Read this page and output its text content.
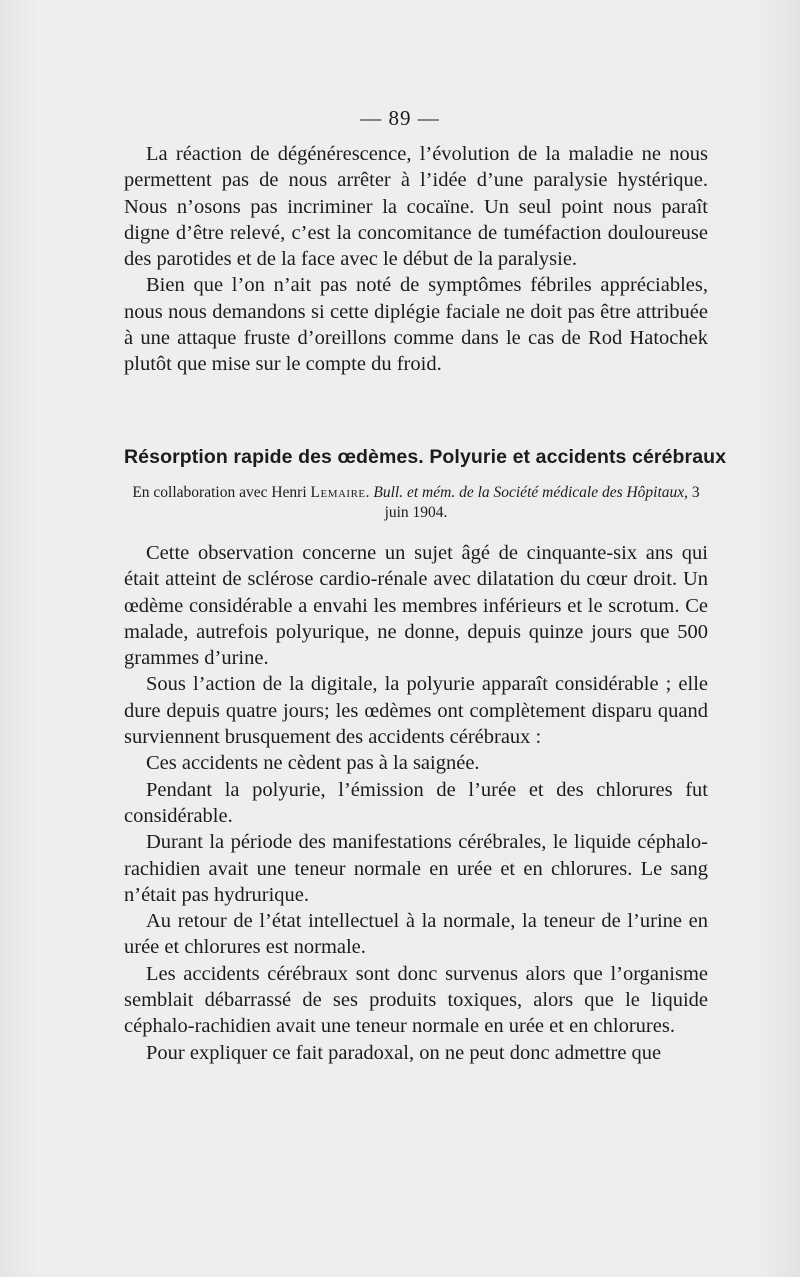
— 89 —

La réaction de dégénérescence, l’évolution de la maladie ne nous permettent pas de nous arrêter à l’idée d’une paralysie hystérique. Nous n’osons pas incriminer la cocaïne. Un seul point nous paraît digne d’être relevé, c’est la concomitance de tuméfaction douloureuse des parotides et de la face avec le début de la paralysie.

Bien que l’on n’ait pas noté de symptômes fébriles appréciables, nous nous demandons si cette diplégie faciale ne doit pas être attribuée à une attaque fruste d’oreillons comme dans le cas de Rod Hatochek plutôt que mise sur le compte du froid.

Résorption rapide des œdèmes. Polyurie et accidents cérébraux
En collaboration avec Henri Lemaire. Bull. et mém. de la Société médicale des Hôpitaux, 3 juin 1904.

Cette observation concerne un sujet âgé de cinquante-six ans qui était atteint de sclérose cardio-rénale avec dilatation du cœur droit. Un œdème considérable a envahi les membres inférieurs et le scrotum. Ce malade, autrefois polyurique, ne donne, depuis quinze jours que 500 grammes d’urine.

Sous l’action de la digitale, la polyurie apparaît considérable ; elle dure depuis quatre jours; les œdèmes ont complètement disparu quand surviennent brusquement des accidents cérébraux :

Ces accidents ne cèdent pas à la saignée.

Pendant la polyurie, l’émission de l’urée et des chlorures fut considérable.

Durant la période des manifestations cérébrales, le liquide céphalo-rachidien avait une teneur normale en urée et en chlorures. Le sang n’était pas hydrurique.

Au retour de l’état intellectuel à la normale, la teneur de l’urine en urée et chlorures est normale.

Les accidents cérébraux sont donc survenus alors que l’organisme semblait débarrassé de ses produits toxiques, alors que le liquide céphalo-rachidien avait une teneur normale en urée et en chlorures.

Pour expliquer ce fait paradoxal, on ne peut donc admettre que
